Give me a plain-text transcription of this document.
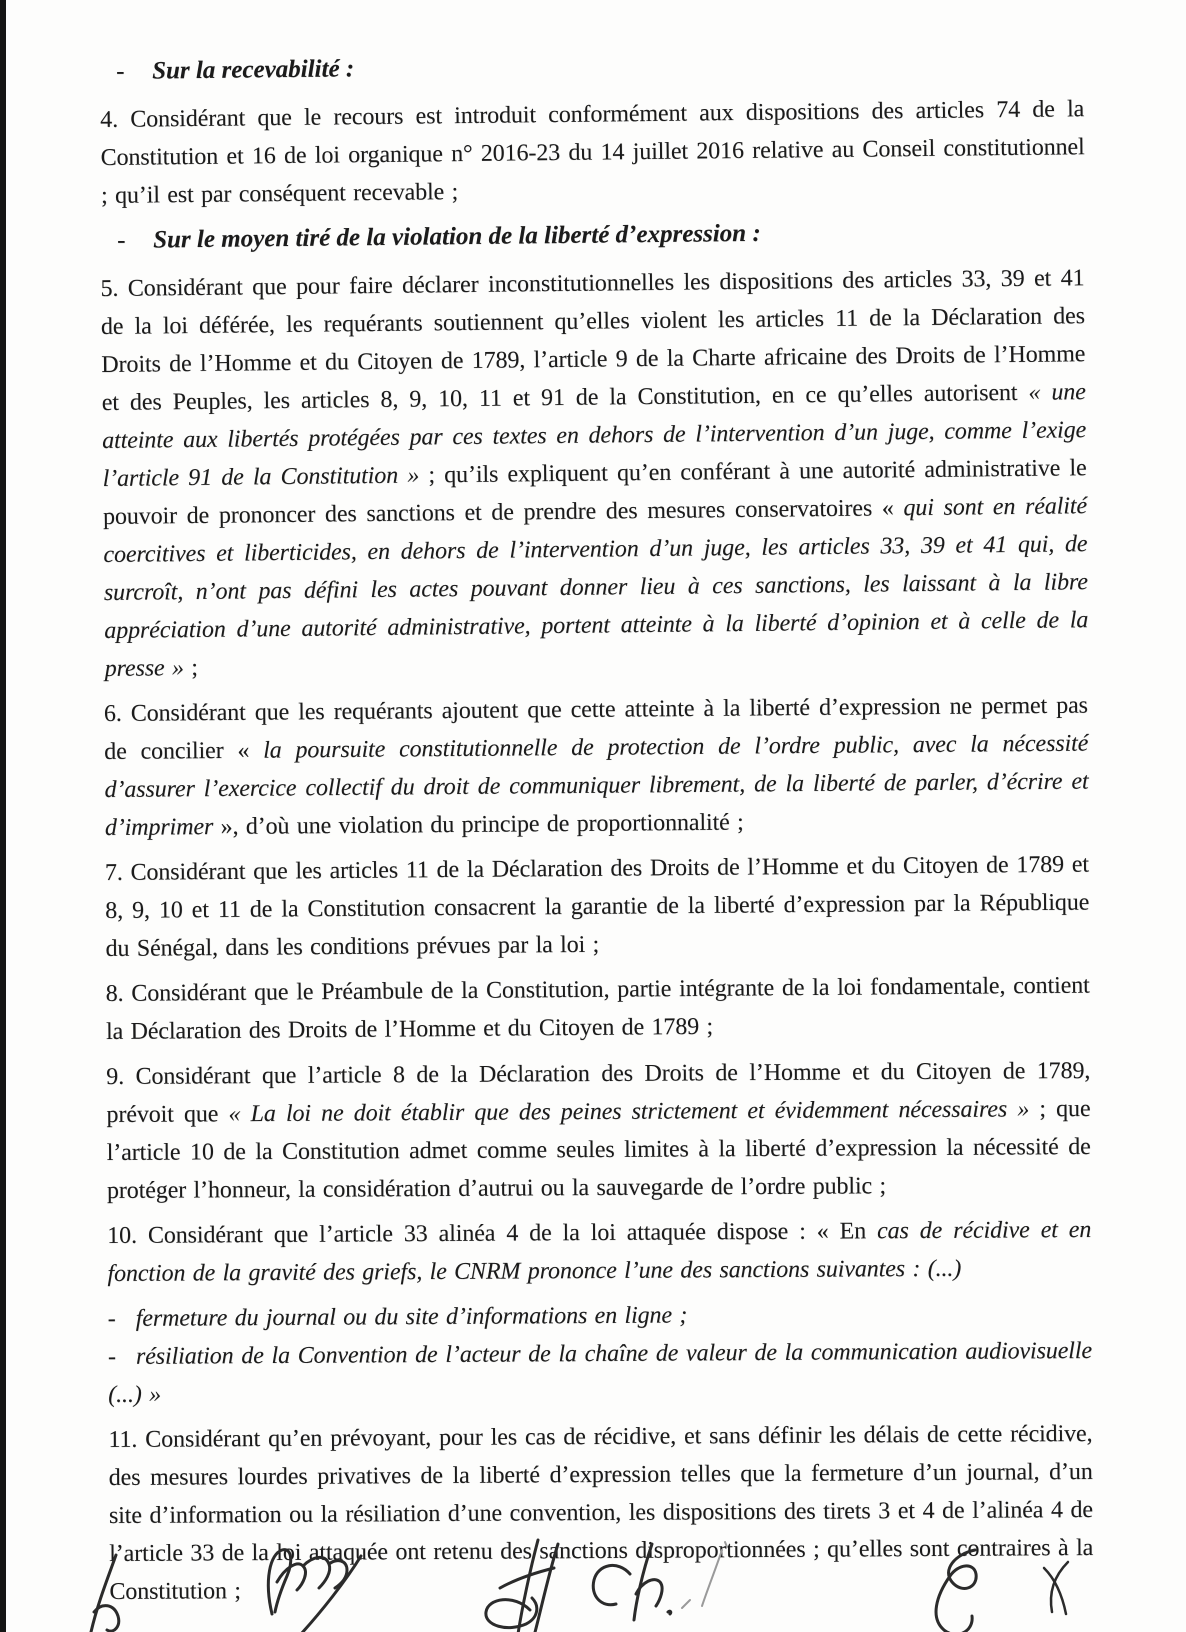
- Sur la recevabilité :

4. Considérant que le recours est introduit conformément aux dispositions des articles 74 de la Constitution et 16 de loi organique n° 2016-23 du 14 juillet 2016 relative au Conseil constitutionnel ; qu’il est par conséquent recevable ;

- Sur le moyen tiré de la violation de la liberté d’expression :

5. Considérant que pour faire déclarer inconstitutionnelles les dispositions des articles 33, 39 et 41 de la loi déférée, les requérants soutiennent qu’elles violent les articles 11 de la Déclaration des Droits de l’Homme et du Citoyen de 1789, l’article 9 de la Charte africaine des Droits de l’Homme et des Peuples, les articles 8, 9, 10, 11 et 91 de la Constitution, en ce qu’elles autorisent « une atteinte aux libertés protégées par ces textes en dehors de l’intervention d’un juge, comme l’exige l’article 91 de la Constitution » ; qu’ils expliquent qu’en conférant à une autorité administrative le pouvoir de prononcer des sanctions et de prendre des mesures conservatoires « qui sont en réalité coercitives et liberticides, en dehors de l’intervention d’un juge, les articles 33, 39 et 41 qui, de surcroît, n’ont pas défini les actes pouvant donner lieu à ces sanctions, les laissant à la libre appréciation d’une autorité administrative, portent atteinte à la liberté d’opinion et à celle de la presse » ;

6. Considérant que les requérants ajoutent que cette atteinte à la liberté d’expression ne permet pas de concilier « la poursuite constitutionnelle de protection de l’ordre public, avec la nécessité d’assurer l’exercice collectif du droit de communiquer librement, de la liberté de parler, d’écrire et d’imprimer », d’où une violation du principe de proportionnalité ;

7. Considérant que les articles 11 de la Déclaration des Droits de l’Homme et du Citoyen de 1789 et 8, 9, 10 et 11 de la Constitution consacrent la garantie de la liberté d’expression par la République du Sénégal, dans les conditions prévues par la loi ;

8. Considérant que le Préambule de la Constitution, partie intégrante de la loi fondamentale, contient la Déclaration des Droits de l’Homme et du Citoyen de 1789 ;

9. Considérant que l’article 8 de la Déclaration des Droits de l’Homme et du Citoyen de 1789, prévoit que « La loi ne doit établir que des peines strictement et évidemment nécessaires » ; que l’article 10 de la Constitution admet comme seules limites à la liberté d’expression la nécessité de protéger l’honneur, la considération d’autrui ou la sauvegarde de l’ordre public ;

10. Considérant que l’article 33 alinéa 4 de la loi attaquée dispose : « En cas de récidive et en fonction de la gravité des griefs, le CNRM prononce l’une des sanctions suivantes : (...)

- fermeture du journal ou du site d’informations en ligne ;

- résiliation de la Convention de l’acteur de la chaîne de valeur de la communication audiovisuelle (...) »

11. Considérant qu’en prévoyant, pour les cas de récidive, et sans définir les délais de cette récidive, des mesures lourdes privatives de la liberté d’expression telles que la fermeture d’un journal, d’un site d’information ou la résiliation d’une convention, les dispositions des tirets 3 et 4 de l’alinéa 4 de l’article 33 de la loi attaquée ont retenu des sanctions disproportionnées ; qu’elles sont contraires à la Constitution ;
